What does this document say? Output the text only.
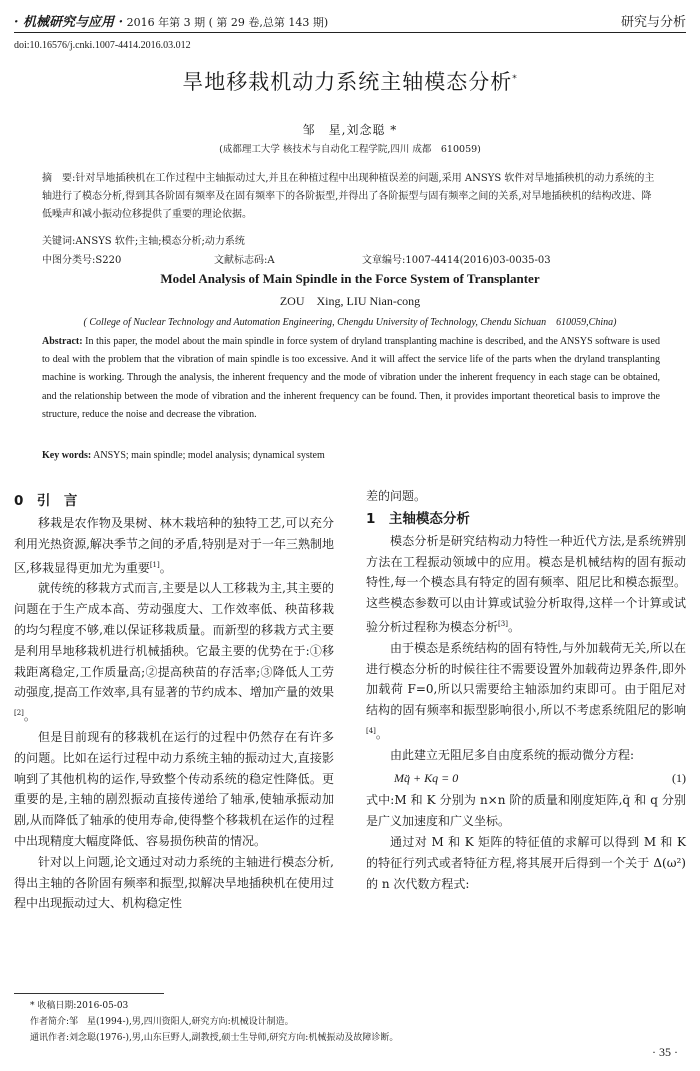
· 机械研究与应用 · 2016 年第 3 期 ( 第 29 卷,总第 143 期)	研究与分析
doi:10.16576/j.cnki.1007-4414.2016.03.012
旱地移栽机动力系统主轴模态分析*
邹　星,刘念聪 *
(成都理工大学 核技术与自动化工程学院,四川 成都　610059)
摘　要:针对旱地插秧机在工作过程中主轴振动过大,并且在种植过程中出现种植误差的问题,采用 ANSYS 软件对旱地插秧机的动力系统的主轴进行了模态分析,得到其各阶固有频率及在固有频率下的各阶振型,并得出了各阶振型与固有频率之间的关系,对旱地插秧机的结构改进、降低噪声和减小振动位移提供了重要的理论依据。
关键词:ANSYS 软件;主轴;模态分析;动力系统
中图分类号:S220	文献标志码:A	文章编号:1007-4414(2016)03-0035-03
Model Analysis of Main Spindle in the Force System of Transplanter
ZOU　Xing, LIU Nian-cong
( College of Nuclear Technology and Automation Engineering, Chengdu University of Technology, Chendu Sichuan　610059,China)
Abstract: In this paper, the model about the main spindle in force system of dryland transplanting machine is described, and the ANSYS software is used to deal with the problem that the vibration of main spindle is too excessive. And it will affect the service life of the parts when the dryland transplanting machine is working. Through the analysis, the inherent frequency and the mode of vibration under the inherent frequency in each stage can be obtained, and the relationship between the mode of vibration and the inherent frequency can be found. Then, it provides important theoretical basis to improve the structure, reduce the noise and decrease the vibration.
Key words: ANSYS; main spindle; model analysis; dynamical system
0　引　言

移栽是农作物及果树、林木栽培种的独特工艺,可以充分利用光热资源,解决季节之间的矛盾,特别是对于一年三熟制地区,移栽显得更加尤为重要[1]。

就传统的移栽方式而言,主要是以人工移栽为主,其主要的问题在于生产成本高、劳动强度大、工作效率低、秧苗移栽的均匀程度不够,难以保证移栽质量。而新型的移栽方式主要是利用旱地移栽机进行机械插秧。它最主要的优势在于:①移栽距离稳定,工作质量高;②提高秧苗的存活率;③降低人工劳动强度,提高工作效率,具有显著的节约成本、增加产量的效果[2]。

但是目前现有的移栽机在运行的过程中仍然存在有许多的问题。比如在运行过程中动力系统主轴的振动过大,直接影响到了其他机构的运作,导致整个传动系统的稳定性降低。更重要的是,主轴的剧烈振动直接传递给了轴承,使轴承振动加剧,从而降低了轴承的使用寿命,使得整个移栽机在运作的过程中出现精度大幅度降低、容易损伤秧苗的情况。

针对以上问题,论文通过对动力系统的主轴进行模态分析,得出主轴的各阶固有频率和振型,拟解决旱地插秧机在使用过程中出现振动过大、机构稳定性

差的问题。

1　主轴模态分析

模态分析是研究结构动力特性一种近代方法,是系统辨别方法在工程振动领域中的应用。模态是机械结构的固有振动特性,每一个模态具有特定的固有频率、阻尼比和模态振型。这些模态参数可以由计算或试验分析取得,这样一个计算或试验分析过程称为模态分析[3]。

由于模态是系统结构的固有特性,与外加载荷无关,所以在进行模态分析的时候往往不需要设置外加载荷边界条件,即外加载荷 F=0,所以只需要给主轴添加约束即可。由于阻尼对结构的固有频率和振型影响很小,所以不考虑系统阻尼的影响[4]。

由此建立无阻尼多自由度系统的振动微分方程:

Mq̈ + Kq = 0	(1)

式中:M 和 K 分别为 n×n 阶的质量和刚度矩阵,q̈ 和 q 分别是广义加速度和广义坐标。

通过对 M 和 K 矩阵的特征值的求解可以得到 M 和 K 的特征行列式或者特征方程,将其展开后得到一个关于 Δ(ω²) 的 n 次代数方程式:

* 收稿日期:2016-05-03
作者简介:邹　星(1994-),男,四川资阳人,研究方向:机械设计制造。
通讯作者:刘念聪(1976-),男,山东巨野人,副教授,硕士生导师,研究方向:机械振动及故障诊断。
· 35 ·
